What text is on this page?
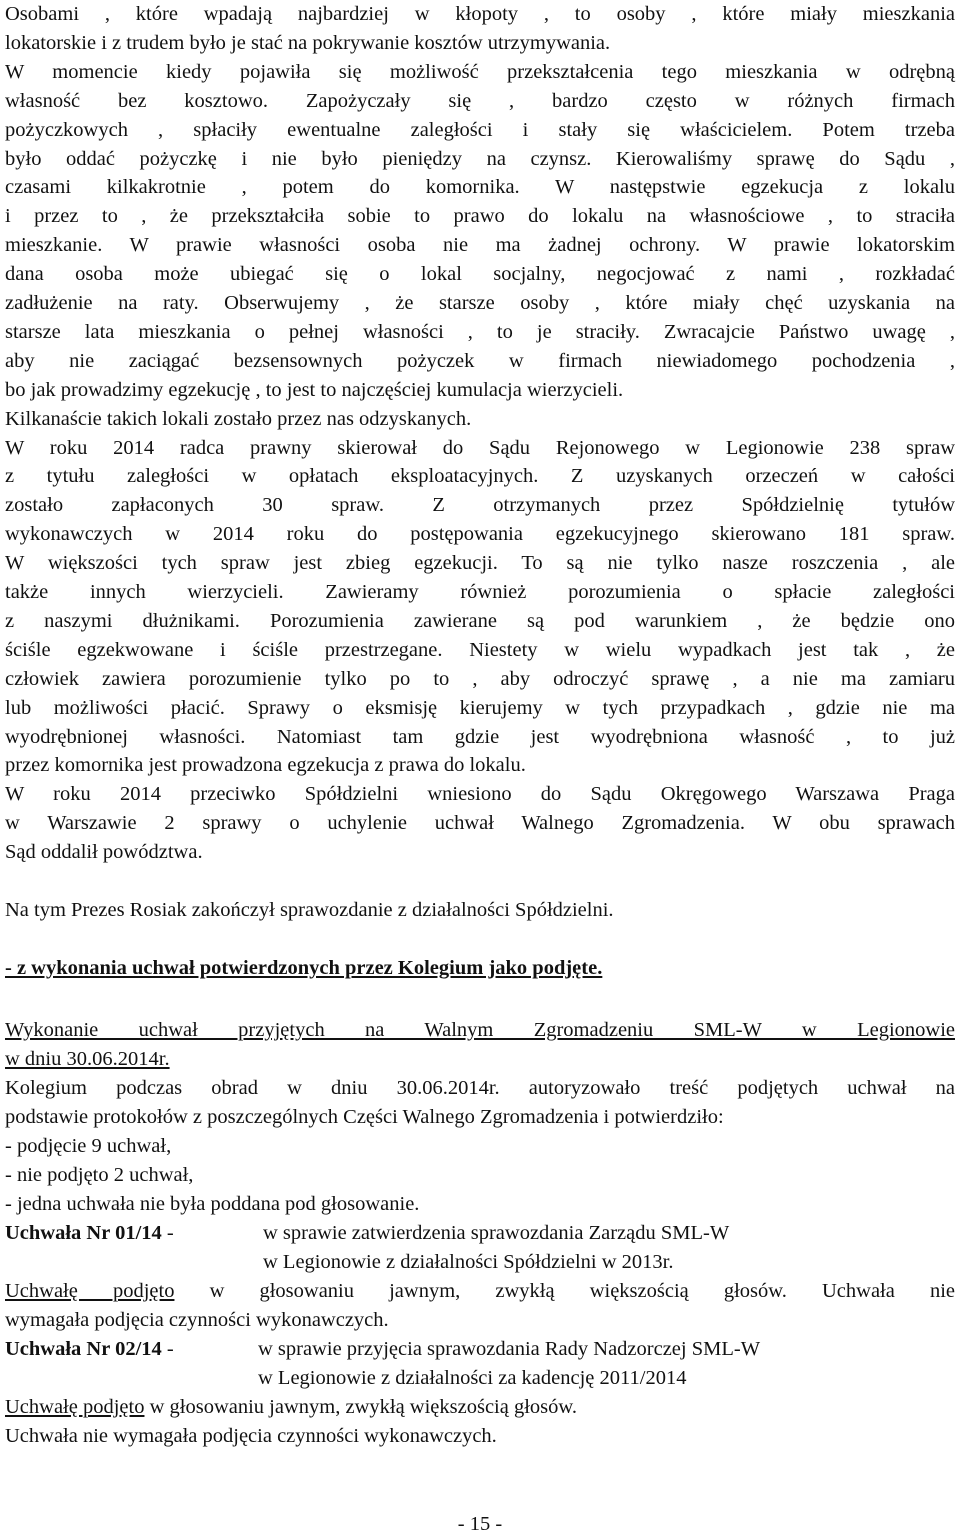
Osobami , które wpadają najbardziej w kłopoty , to osoby , które miały mieszkania

lokatorskie i z trudem było je stać na pokrywanie kosztów utrzymywania.

W momencie kiedy pojawiła się możliwość przekształcenia tego mieszkania w odrębną

własność bez kosztowo. Zapożyczały się , bardzo często w różnych firmach

pożyczkowych , spłaciły ewentualne zaległości i stały się właścicielem. Potem trzeba

było oddać pożyczkę i nie było pieniędzy na czynsz. Kierowaliśmy sprawę do Sądu ,

czasami kilkakrotnie , potem do komornika. W następstwie egzekucja z lokalu

i przez to , że przekształciła sobie to prawo do lokalu na własnościowe , to straciła

mieszkanie. W prawie własności osoba nie ma żadnej ochrony. W prawie lokatorskim

dana osoba może ubiegać się o lokal socjalny, negocjować z nami , rozkładać

zadłużenie na raty. Obserwujemy , że starsze osoby , które miały chęć uzyskania na

starsze lata mieszkania o pełnej własności , to je straciły. Zwracajcie Państwo uwagę ,

aby nie zaciągać bezsensownych pożyczek w firmach niewiadomego pochodzenia ,

bo jak prowadzimy egzekucję , to jest to najczęściej kumulacja wierzycieli.

Kilkanaście takich lokali zostało przez nas odzyskanych.

W roku 2014 radca prawny skierował do Sądu Rejonowego w Legionowie 238 spraw

z tytułu zaległości w opłatach eksploatacyjnych. Z uzyskanych orzeczeń w całości

zostało zapłaconych 30 spraw. Z otrzymanych przez Spółdzielnię tytułów

wykonawczych w 2014 roku do postępowania egzekucyjnego skierowano 181 spraw.

W większości tych spraw jest zbieg egzekucji. To są nie tylko nasze roszczenia , ale

także innych wierzycieli. Zawieramy również porozumienia o spłacie zaległości

z naszymi dłużnikami. Porozumienia zawierane są pod warunkiem , że będzie ono

ściśle egzekwowane i ściśle przestrzegane. Niestety w wielu wypadkach jest tak , że

człowiek zawiera porozumienie tylko po to , aby odroczyć sprawę , a nie ma zamiaru

lub możliwości płacić. Sprawy o eksmisję kierujemy w tych przypadkach , gdzie nie ma

wyodrębnionej własności. Natomiast tam gdzie jest wyodrębniona własność , to już

przez komornika jest prowadzona egzekucja z prawa do lokalu.

W roku 2014 przeciwko Spółdzielni wniesiono do Sądu Okręgowego Warszawa Praga

w Warszawie 2 sprawy o uchylenie uchwał Walnego Zgromadzenia. W obu sprawach

Sąd oddalił powództwa.

Na tym Prezes Rosiak zakończył sprawozdanie z działalności Spółdzielni.

- z wykonania uchwał potwierdzonych przez Kolegium jako podjęte.

Wykonanie uchwał przyjętych na Walnym Zgromadzeniu SML-W w Legionowie

w dniu 30.06.2014r.

Kolegium podczas obrad w dniu 30.06.2014r. autoryzowało treść podjętych uchwał na

podstawie protokołów z poszczególnych Części Walnego Zgromadzenia i potwierdziło:

- podjęcie 9 uchwał,

- nie podjęto 2 uchwał,

- jedna uchwała nie była poddana pod głosowanie.

Uchwała Nr 01/14 -	w sprawie zatwierdzenia sprawozdania Zarządu SML-W

w Legionowie z działalności Spółdzielni w 2013r.

Uchwałę podjęto w głosowaniu jawnym, zwykłą większością głosów. Uchwała nie

wymagała podjęcia czynności wykonawczych.

Uchwała Nr 02/14 -	w sprawie przyjęcia sprawozdania Rady Nadzorczej SML-W

w Legionowie z działalności za kadencję 2011/2014

Uchwałę podjęto w głosowaniu jawnym, zwykłą większością głosów.

Uchwała nie wymagała podjęcia czynności wykonawczych.

- 15 -
